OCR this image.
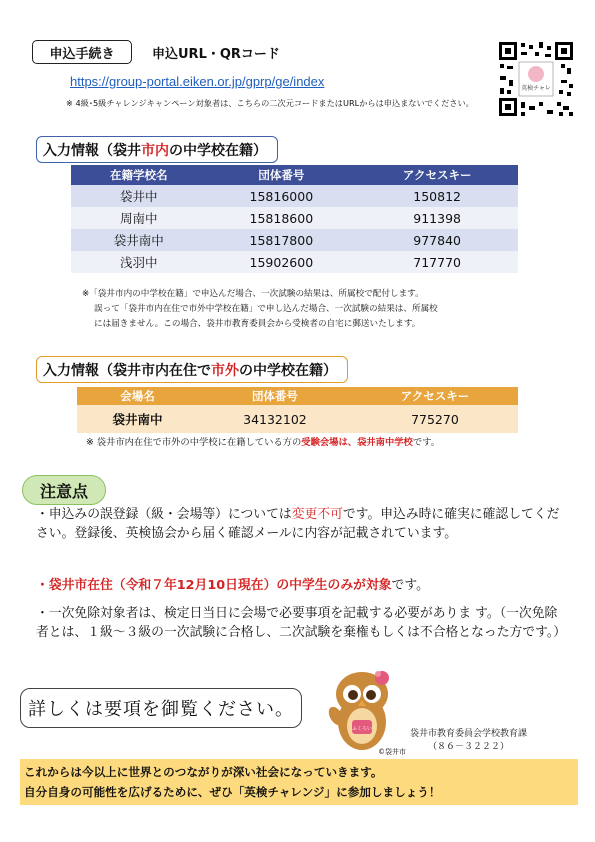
申込手続き	申込URL・QRコード
https://group-portal.eiken.or.jp/gprp/ge/index
※ 4級･5級チャレンジキャンペーン対象者は、こちらの二次元コードまたはURLからは申込まないでください。
英検チャレ
入力情報（袋井 市内 の中学校在籍）
在籍学校名	団体番号	アクセスキー
袋井中	15816000	150812
周南中	15818600	911398
袋井南中	15817800	977840
浅羽中	15902600	717770
※「袋井市内の中学校在籍」で申込んだ場合、一次試験の結果は、所属校で配付します。
誤って「袋井市内在住で市外中学校在籍」で申し込んだ場合、一次試験の結果は、所属校
には届きません。この場合、袋井市教育委員会から受検者の自宅に郵送いたします。
入力情報（袋井市内在住で 市外 の中学校在籍）
会場名	団体番号	アクセスキー
袋井南中	34132102	775270
※ 袋井市内在住で市外の中学校に在籍している方の受験会場は、袋井南中学校です。
注意点
・申込みの誤登録（級・会場等）については変更不可です。申込み時に確実に確認してください。登録後、英検協会から届く確認メールに内容が記載されています。
・袋井市在住（令和７年12月10日現在）の中学生のみが対象です。
・一次免除対象者は、検定日当日に会場で必要事項を記載する必要がありま す。（一次免除者とは、１級～３級の一次試験に合格し、二次試験を棄権もしくは不合格となった方です。）
詳しくは要項を御覧ください。
ふくろい
©袋井市
袋井市教育委員会学校教育課
（８６－３２２２）
これからは今以上に世界とのつながりが深い社会になっていきます。
自分自身の可能性を広げるために、ぜひ「英検チャレンジ」に参加しましょう！
